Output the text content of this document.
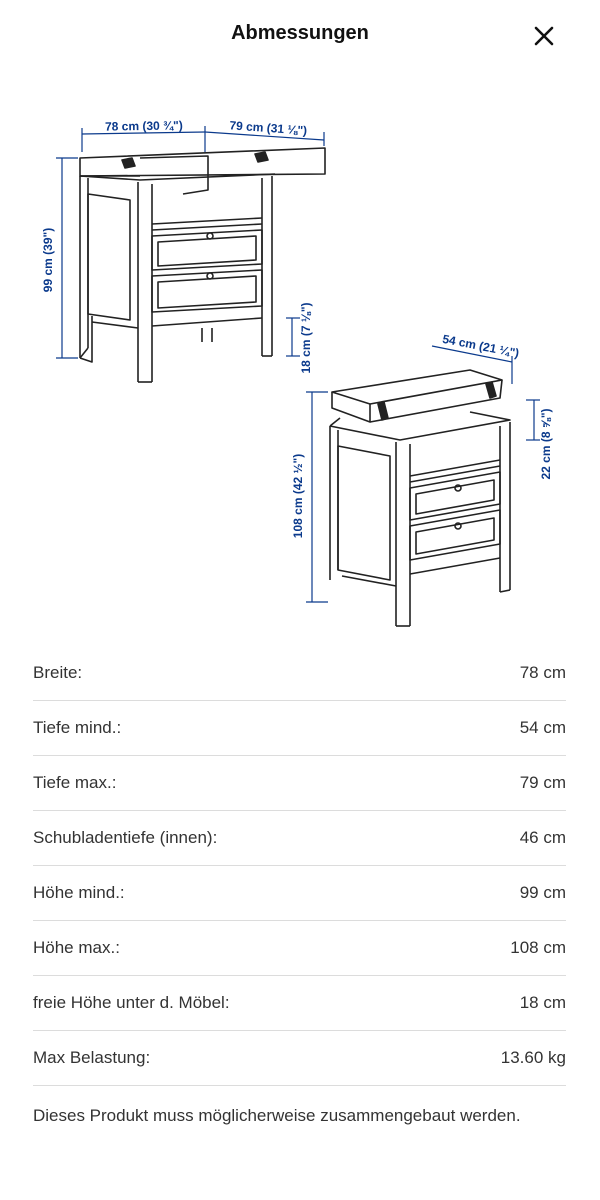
Abmessungen
78 cm (30 ¾")	79 cm (31 ⅛")
99 cm (39")
18 cm (7 ⅛")	54 cm (21 ¼")
22 cm (8 ⅝")
108 cm (42 ½")
Breite:	78 cm
Tiefe mind.:	54 cm
Tiefe max.:	79 cm
Schubladentiefe (innen):	46 cm
Höhe mind.:	99 cm
Höhe max.:	108 cm
freie Höhe unter d. Möbel:	18 cm
Max Belastung:	13.60 kg
Dieses Produkt muss möglicherweise zusammengebaut werden.
